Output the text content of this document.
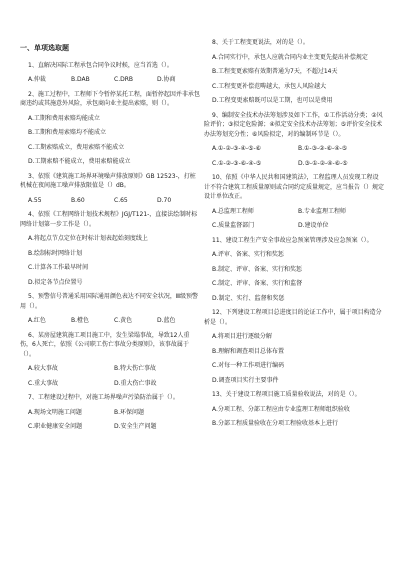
一、单项选取题
1、直解决国际工程承包合同争议时候，应当首选（）。
A.仲裁	B.DAB	C.DRB	D.协商
2、施工过程中，工程师下令暂停某托工程，面暂停起因并非承包商违约或其施意外风险，承包商向业主提出索赔，则（）。
A.工期和费用索赔均能成立
B.工期和费用索赔均不能成立
C.工期索赔成立，费用索赔不能成立
D.工期索赔不能成立，费用索赔能成立
3、依照《建筑施工场界环境噪声排放原则》GB 12523-，打桩机械在夜间施工噪声排放限值是（）dB。
A.55	B.60	C.65	D.70
4、依照《工程网络计划技术规程》JGJ/T121-，直接法绘制时标网络计划第一步工作是（）。
A.将起点节点定位在时标计划表起始刻度线上
B.绘制标时网络计划
C.计算各工作最早时间
D.拟定各节点位置号
5、预警信号普通采用国际通用颜色表达不同安全状况，Ⅲ级预警用（）。
A.红色	B.橙色	C.黄色	D.蓝色
6、某房屋建筑施工项目施工中，发生梁塌事故，导致12人重伤，6人死亡，依照《公司职工伤亡事故分类原则》，该事故属于（）。
A.较大事故	B.特大伤亡事故
C.重大事故	D.重大伤亡事故
7、工程建设过程中，对施工场界噪声污染防治属于（）。
A.现场文明施工问题	B.环保问题
C.职业健康安全问题	D.安全生产问题
8、关于工程变更说法，对的是（）。
A.合同实行中，承包人应就合同内业主变更先提出补偿规定
B.工程变更索赔有效期普通为7天，不超过14天
C.工程变更补偿范畴越大，承包人风险越大
D.工程变更索赔既可以是工期，也可以是费用
9、编制安全技术办法筹划涉及如下工作，①工作活动分类；②风险评价；③拟定危险源；④拟定安全技术办法筹划；⑤评价安全技术办法筹划充分性；⑥风险拟定，对的编制环节是（）。
A.①-②-③-④-⑤-⑥	B.①-③-②-⑥-④-⑤
C.①-②-③-⑥-④-⑤	D.③-①-②-④-⑥-⑤
10、依照《中华人民共和国建筑法》，工程监理人员发现工程设计不符合建筑工程质量原则或合同约定质量规定，应当报告（）规定设计单位改正。
A.总监理工程师	B.专业监理工程师
C.质量监督部门	D.建设单位
11、建设工程生产安全事故应急预案管理涉及应急预案（）。
A.评审、备案、实行和奖惩
B.制定、评审、备案、实行和奖惩
C.制定、评审、备案、实行和监督
D.制定、实行、监督和奖惩
12、下列建设工程项目总进度目的论证工作中，属于项目构造分析是（）。
A.将项目进行逐级分解
B.理解和调查项目总体布置
C.对每一种工作项进行编码
D.调查项目实行主要事件
13、关于建设工程项目施工质量验收说法，对的是（）。
A.分项工程、分部工程应由专业监理工程师组织验收
B.分部工程质量验收在分项工程验收基本上进行
